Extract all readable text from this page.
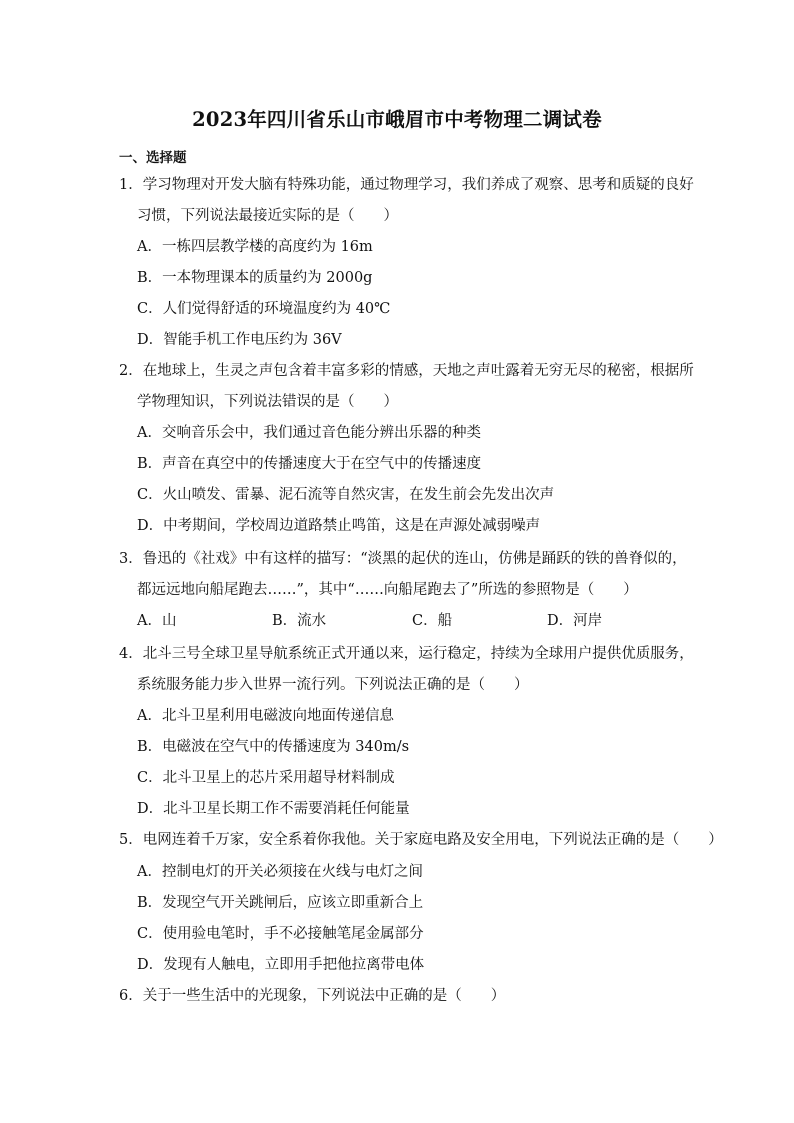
2023年四川省乐山市峨眉市中考物理二调试卷
一、选择题
1．学习物理对开发大脑有特殊功能，通过物理学习，我们养成了观察、思考和质疑的良好
习惯，下列说法最接近实际的是（　　）
A．一栋四层教学楼的高度约为 16m
B．一本物理课本的质量约为 2000g
C．人们觉得舒适的环境温度约为 40℃
D．智能手机工作电压约为 36V
2．在地球上，生灵之声包含着丰富多彩的情感，天地之声吐露着无穷无尽的秘密，根据所
学物理知识，下列说法错误的是（　　）
A．交响音乐会中，我们通过音色能分辨出乐器的种类
B．声音在真空中的传播速度大于在空气中的传播速度
C．火山喷发、雷暴、泥石流等自然灾害，在发生前会先发出次声
D．中考期间，学校周边道路禁止鸣笛，这是在声源处减弱噪声
3．鲁迅的《社戏》中有这样的描写：“淡黑的起伏的连山，仿佛是踊跃的铁的兽脊似的，
都远远地向船尾跑去……”，其中“……向船尾跑去了”所选的参照物是（　　）
A．山	B．流水	C．船	D．河岸
4．北斗三号全球卫星导航系统正式开通以来，运行稳定，持续为全球用户提供优质服务，
系统服务能力步入世界一流行列。下列说法正确的是（　　）
A．北斗卫星利用电磁波向地面传递信息
B．电磁波在空气中的传播速度为 340m/s
C．北斗卫星上的芯片采用超导材料制成
D．北斗卫星长期工作不需要消耗任何能量
5．电网连着千万家，安全系着你我他。关于家庭电路及安全用电，下列说法正确的是（　　）
A．控制电灯的开关必须接在火线与电灯之间
B．发现空气开关跳闸后，应该立即重新合上
C．使用验电笔时，手不必接触笔尾金属部分
D．发现有人触电，立即用手把他拉离带电体
6．关于一些生活中的光现象，下列说法中正确的是（　　）
